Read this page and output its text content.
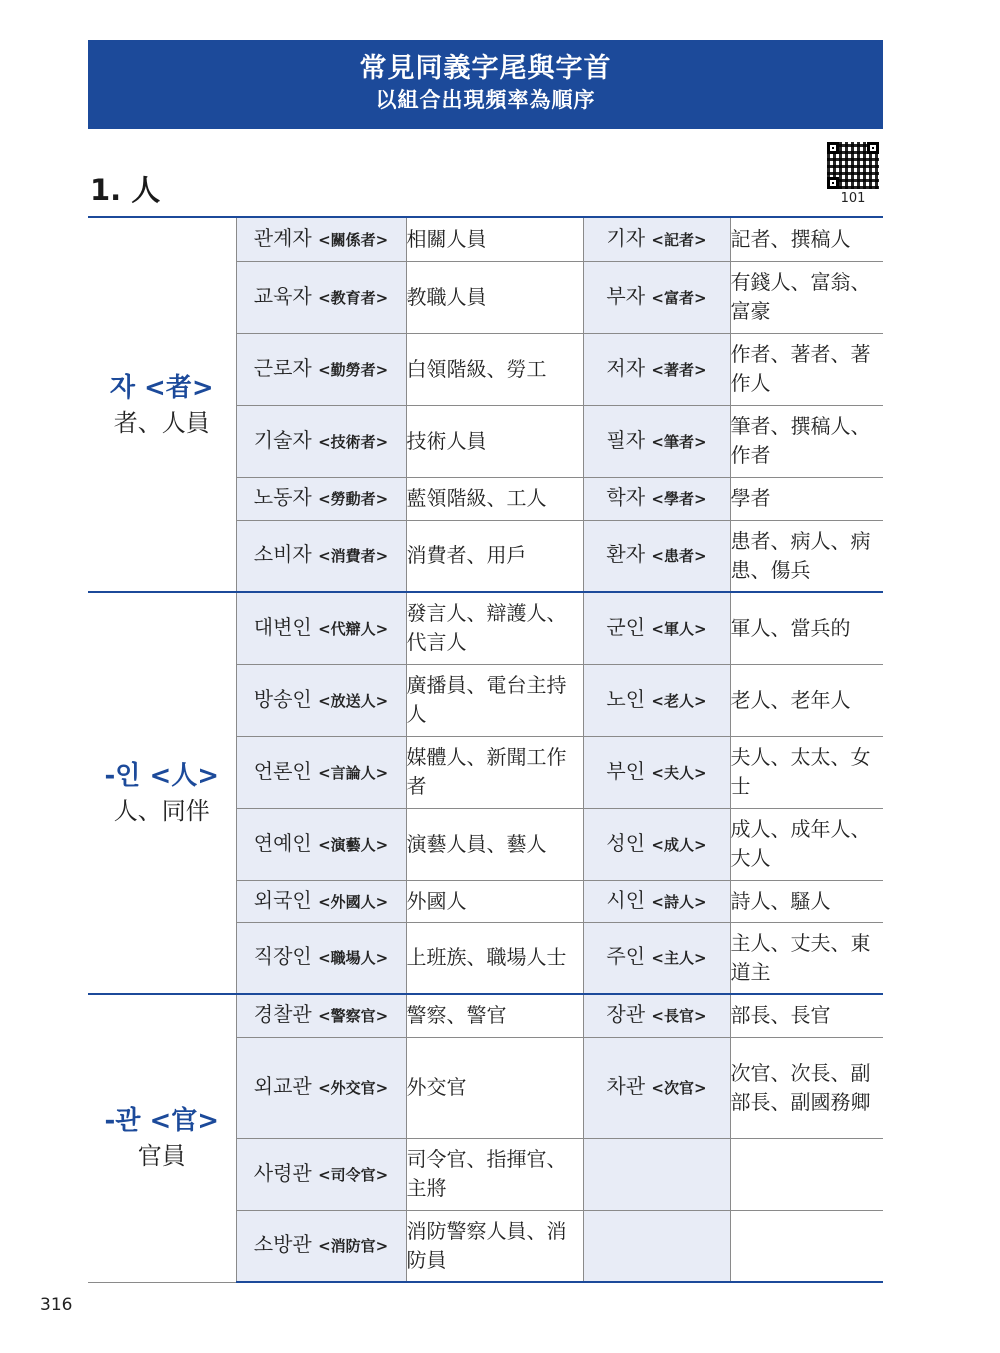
常見同義字尾與字首
以組合出現頻率為順序
1. 人	101
자 <者>
者、人員	관계자 <關係者>	相關人員	기자 <記者>	記者、撰稿人
	교육자 <教育者>	教職人員	부자 <富者>	有錢人、富翁、富豪
	근로자 <勤勞者>	白領階級、勞工	저자 <著者>	作者、著者、著作人
	기술자 <技術者>	技術人員	필자 <筆者>	筆者、撰稿人、作者
	노동자 <勞動者>	藍領階級、工人	학자 <學者>	學者
	소비자 <消費者>	消費者、用戶	환자 <患者>	患者、病人、病患、傷兵

-인 <人>
人、同伴	대변인 <代辯人>	發言人、辯護人、代言人	군인 <軍人>	軍人、當兵的
	방송인 <放送人>	廣播員、電台主持人	노인 <老人>	老人、老年人
	언론인 <言論人>	媒體人、新聞工作者	부인 <夫人>	夫人、太太、女士
	연예인 <演藝人>	演藝人員、藝人	성인 <成人>	成人、成年人、大人
	외국인 <外國人>	外國人	시인 <詩人>	詩人、騷人
	직장인 <職場人>	上班族、職場人士	주인 <主人>	主人、丈夫、東道主

-관 <官>
官員	경찰관 <警察官>	警察、警官	장관 <長官>	部長、長官
	외교관 <外交官>	外交官	차관 <次官>	次官、次長、副部長、副國務卿
	사령관 <司令官>	司令官、指揮官、主將		
	소방관 <消防官>	消防警察人員、消防員		
316
